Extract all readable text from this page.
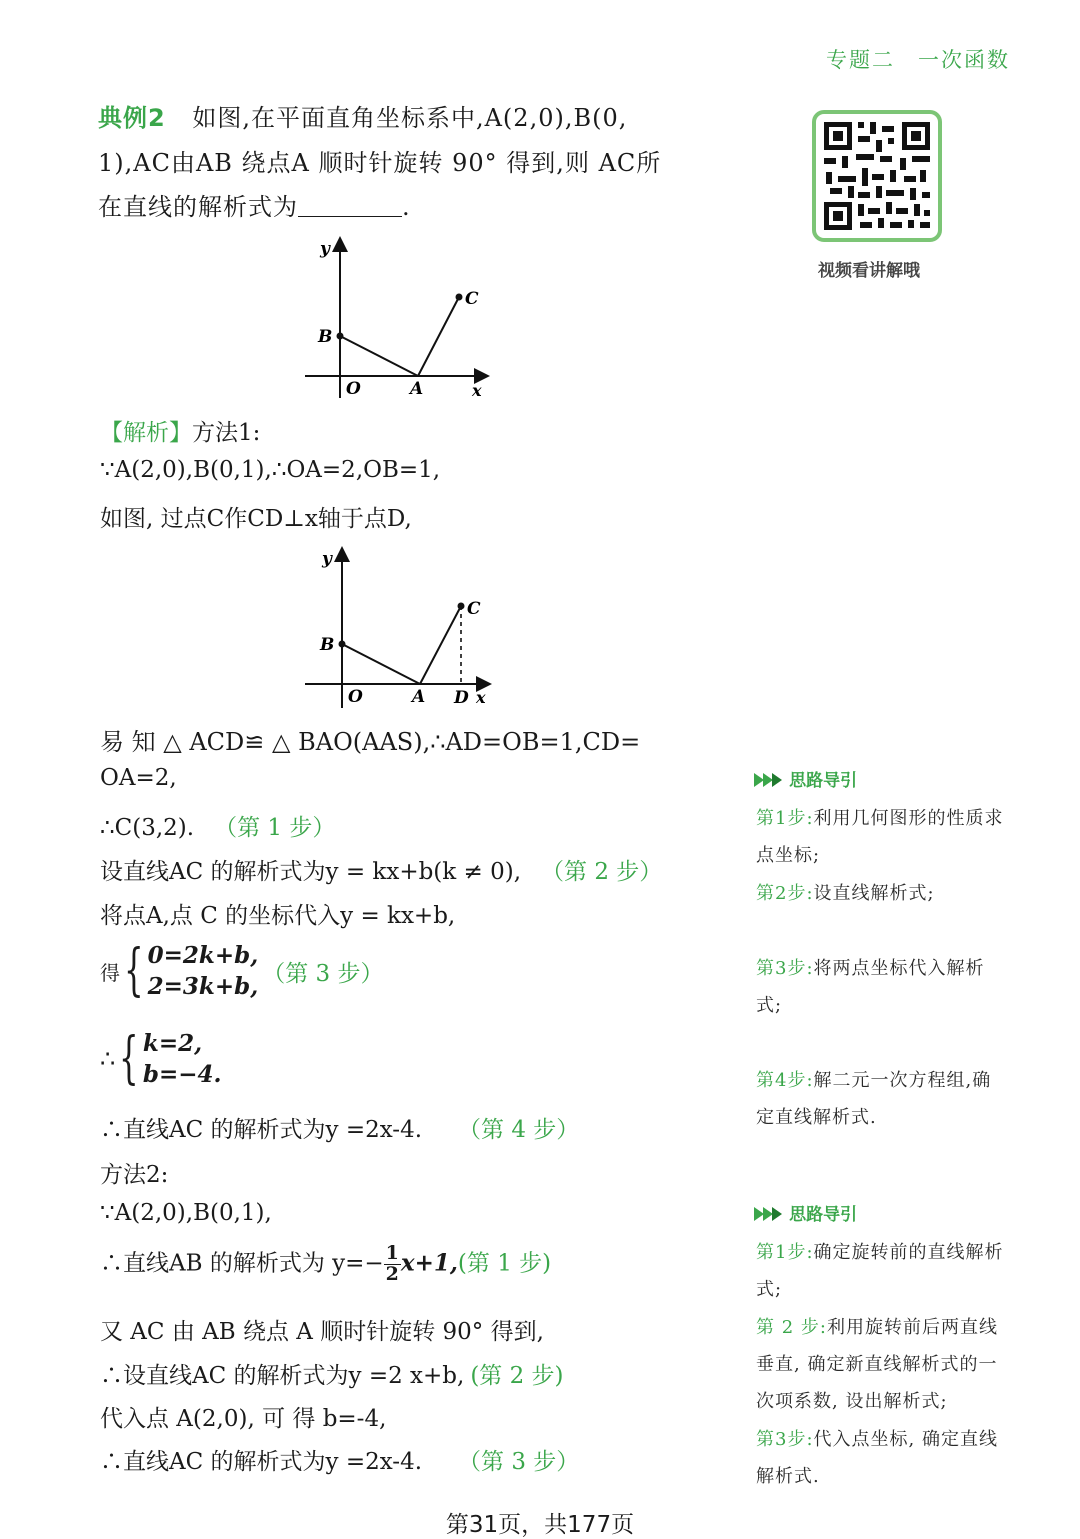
专题二　一次函数
典例2 如图,在平面直角坐标系中,A(2,0),B(0,
1),AC由AB 绕点A 顺时针旋转 90° 得到,则 AC所
在直线的解析式为	.
视频看讲解哦
y
x
O	A
B
C
【解析】方法1:
∵A(2,0),B(0,1),∴OA=2,OB=1,
如图, 过点C作CD⊥x轴于点D,
y
x
O	A D
B
C
易 知 △ ACD≌ △ BAO(AAS),∴AD=OB=1,CD=
OA=2,
∴C(3,2). （第 1 步）
设直线AC 的解析式为y = kx+b(k ≠ 0), （第 2 步）
将点A,点 C 的坐标代入y = kx+b,
得 { 0=2k+b,
2=3k+b, （第 3 步）
∴ { k=2,
b=−4.
∴直线AC 的解析式为y =2x-4. （第 4 步）
方法2:
∵A(2,0),B(0,1),
∴直线AB 的解析式为 $y=- \frac{1}{2} x+1$,(第 1 步)
又 AC 由 AB 绕点 A 顺时针旋转 90° 得到,
∴设直线AC 的解析式为y =2 x+b, (第 2 步)
代入点 A(2,0), 可 得 b=-4,
∴直线AC 的解析式为y =2x-4. （第 3 步）
思路导引
第1步:利用几何图形的性质求点坐标;
第2步:设直线解析式;
第3步:将两点坐标代入解析式;
第4步:解二元一次方程组,确定直线解析式.
思路导引
第1步:确定旋转前的直线解析式;
第 2 步:利用旋转前后两直线垂直, 确定新直线解析式的一次项系数, 设出解析式;
第3步:代入点坐标, 确定直线解析式.
第31页，共177页
